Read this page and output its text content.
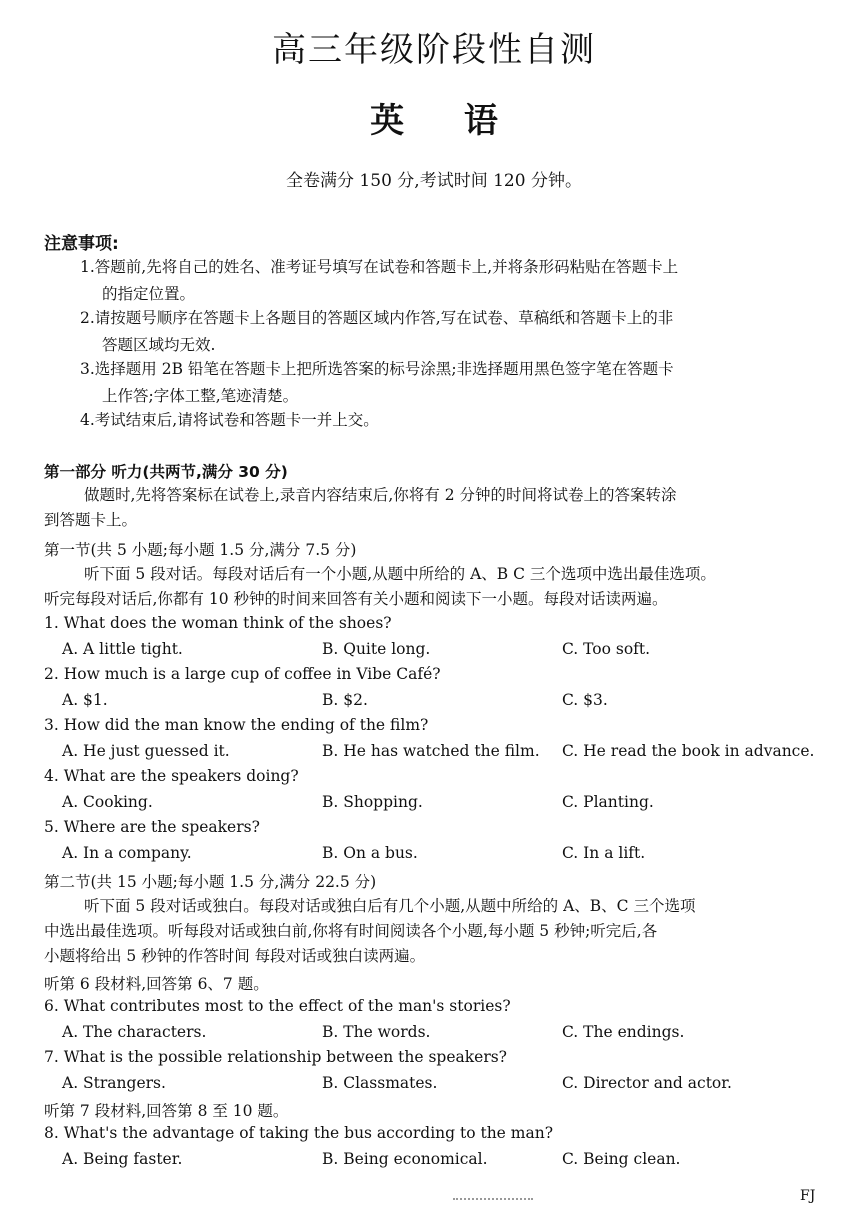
高三年级阶段性自测
英 语
全卷满分 150 分,考试时间 120 分钟。
注意事项:
1.答题前,先将自己的姓名、准考证号填写在试卷和答题卡上,并将条形码粘贴在答题卡上
的指定位置。
2.请按题号顺序在答题卡上各题目的答题区域内作答,写在试卷、草稿纸和答题卡上的非
答题区域均无效.
3.选择题用 2B 铅笔在答题卡上把所选答案的标号涂黑;非选择题用黑色签字笔在答题卡
上作答;字体工整,笔迹清楚。
4.考试结束后,请将试卷和答题卡一并上交。
第一部分 听力(共两节,满分 30 分)
做题时,先将答案标在试卷上,录音内容结束后,你将有 2 分钟的时间将试卷上的答案转涂
到答题卡上。
第一节(共 5 小题;每小题 1.5 分,满分 7.5 分)
听下面 5 段对话。每段对话后有一个小题,从题中所给的 A、B C 三个选项中选出最佳选项。
听完每段对话后,你都有 10 秒钟的时间来回答有关小题和阅读下一小题。每段对话读两遍。
1. What does the woman think of the shoes?
A. A little tight.	B. Quite long.	C. Too soft.
2. How much is a large cup of coffee in Vibe Café?
A. $1.	B. $2.	C. $3.
3. How did the man know the ending of the film?
A. He just guessed it.	B. He has watched the film. C. He read the book in advance.
4. What are the speakers doing?
A. Cooking.	B. Shopping.	C. Planting.
5. Where are the speakers?
A. In a company.	B. On a bus.	C. In a lift.
第二节(共 15 小题;每小题 1.5 分,满分 22.5 分)
听下面 5 段对话或独白。每段对话或独白后有几个小题,从题中所给的 A、B、C 三个选项
中选出最佳选项。听每段对话或独白前,你将有时间阅读各个小题,每小题 5 秒钟;听完后,各
小题将给出 5 秒钟的作答时间 每段对话或独白读两遍。
听第 6 段材料,回答第 6、7 题。
6. What contributes most to the effect of the man's stories?
A. The characters.	B. The words.	C. The endings.
7. What is the possible relationship between the speakers?
A. Strangers.	B. Classmates.	C. Director and actor.
听第 7 段材料,回答第 8 至 10 题。
8. What's the advantage of taking the bus according to the man?
A. Being faster.	B. Being economical.	C. Being clean.
FJ
